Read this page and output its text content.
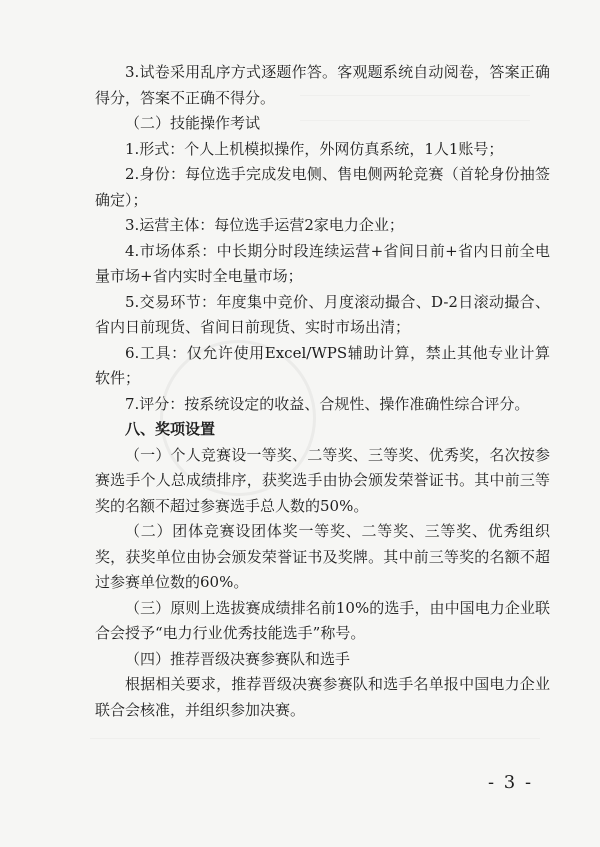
3.试卷采用乱序方式逐题作答。客观题系统自动阅卷，答案正确得分，答案不正确不得分。

（二）技能操作考试

1.形式：个人上机模拟操作，外网仿真系统，1人1账号；

2.身份：每位选手完成发电侧、售电侧两轮竞赛（首轮身份抽签确定）；

3.运营主体：每位选手运营2家电力企业；

4.市场体系：中长期分时段连续运营+省间日前+省内日前全电量市场+省内实时全电量市场；

5.交易环节：年度集中竞价、月度滚动撮合、D-2日滚动撮合、省内日前现货、省间日前现货、实时市场出清；

6.工具：仅允许使用Excel/WPS辅助计算，禁止其他专业计算软件；

7.评分：按系统设定的收益、合规性、操作准确性综合评分。

八、奖项设置

（一）个人竞赛设一等奖、二等奖、三等奖、优秀奖，名次按参赛选手个人总成绩排序，获奖选手由协会颁发荣誉证书。其中前三等奖的名额不超过参赛选手总人数的50%。

（二）团体竞赛设团体奖一等奖、二等奖、三等奖、优秀组织奖，获奖单位由协会颁发荣誉证书及奖牌。其中前三等奖的名额不超过参赛单位数的60%。

（三）原则上选拔赛成绩排名前10%的选手，由中国电力企业联合会授予“电力行业优秀技能选手”称号。

（四）推荐晋级决赛参赛队和选手

根据相关要求，推荐晋级决赛参赛队和选手名单报中国电力企业联合会核准，并组织参加决赛。

- 3 -
